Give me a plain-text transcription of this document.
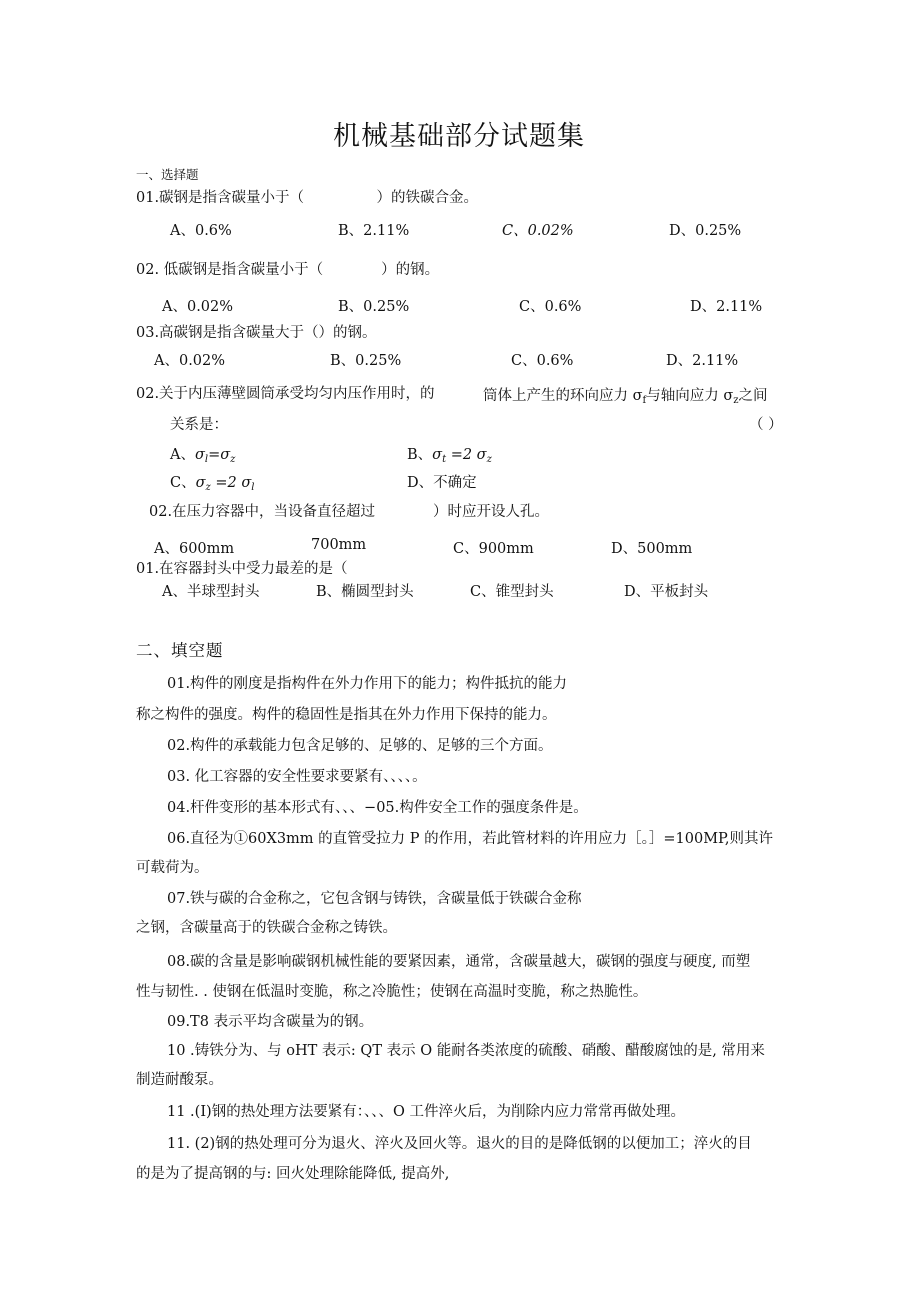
机械基础部分试题集
一、选择题
01.碳钢是指含碳量小于（　　　　　）的铁碳合金。
A、0.6%	B、2.11%	C、0.02%	D、0.25%
02. 低碳钢是指含碳量小于（　　　　）的钢。
A、0.02%	B、0.25%	C、0.6%	D、2.11%
03.高碳钢是指含碳量大于（）的钢。
A、0.02%	B、0.25%	C、0.6%	D、2.11%
02.关于内压薄壁圆筒承受均匀内压作用时，的	筒体上产生的环向应力 $\sigma_f$与轴向应力 $\sigma_z$之间
关系是：	（ ）
A、$\sigma_l=\sigma_z$	B、$\sigma_t =2$ $\sigma_z$
C、$\sigma_z =2$ $\sigma_l$	D、不确定
02.在压力容器中，当设备直径超过　　　　）时应开设人孔。
A、600mm	700mm	C、900mm	D、500mm
01.在容器封头中受力最差的是（
A、半球型封头	B、椭圆型封头	C、锥型封头	D、平板封头
二、填空题
01.构件的刚度是指构件在外力作用下的能力；构件抵抗的能力
称之构件的强度。构件的稳固性是指其在外力作用下保持的能力。
02.构件的承载能力包含足够的、足够的、足够的三个方面。
03. 化工容器的安全性要求要紧有、、、、。
04.杆件变形的基本形式有、、、−05.构件安全工作的强度条件是。
06.直径为①60X3mm 的直管受拉力 P 的作用，若此管材料的许用应力［。］=100MP,则其许
可载荷为。
07.铁与碳的合金称之，它包含钢与铸铁，含碳量低于铁碳合金称
之钢，含碳量高于的铁碳合金称之铸铁。
08.碳的含量是影响碳钢机械性能的要紧因素，通常，含碳量越大，碳钢的强度与硬度, 而塑
性与韧性. . 使钢在低温时变脆，称之冷脆性；使钢在高温时变脆，称之热脆性。
09.T8 表示平均含碳量为的钢。
10 .铸铁分为、与 oHT 表示: QT 表示 O 能耐各类浓度的硫酸、硝酸、醋酸腐蚀的是, 常用来
制造耐酸泵。
11 .(I)钢的热处理方法要紧有：、、、O 工件淬火后，为削除内应力常常再做处理。
11. (2)钢的热处理可分为退火、淬火及回火等。退火的目的是降低钢的以便加工；淬火的目
的是为了提高钢的与: 回火处理除能降低, 提高外,
